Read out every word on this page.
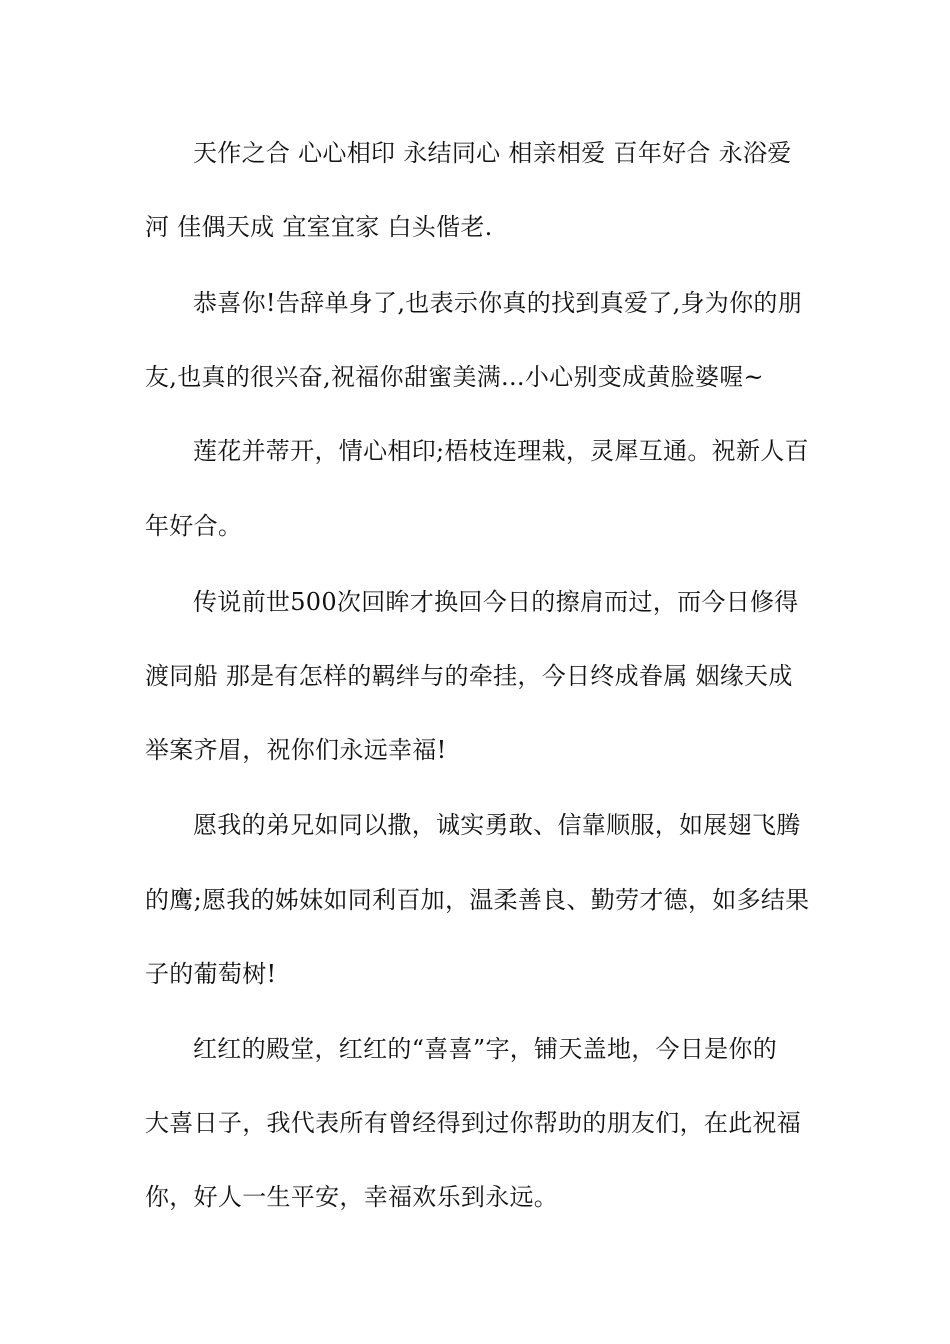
天作之合 心心相印 永结同心 相亲相爱 百年好合 永浴爱

河 佳偶天成 宜室宜家 白头偕老.

恭喜你!告辞单身了,也表示你真的找到真爱了,身为你的朋

友,也真的很兴奋,祝福你甜蜜美满...小心别变成黄脸婆喔~

莲花并蒂开，情心相印;梧枝连理栽，灵犀互通。祝新人百

年好合。

传说前世500次回眸才换回今日的擦肩而过，而今日修得

渡同船 那是有怎样的羁绊与的牵挂，今日终成眷属 姻缘天成

举案齐眉，祝你们永远幸福!

愿我的弟兄如同以撒，诚实勇敢、信靠顺服，如展翅飞腾

的鹰;愿我的姊妹如同利百加，温柔善良、勤劳才德，如多结果

子的葡萄树!

红红的殿堂，红红的“喜喜”字，铺天盖地，今日是你的

大喜日子，我代表所有曾经得到过你帮助的朋友们，在此祝福

你，好人一生平安，幸福欢乐到永远。
